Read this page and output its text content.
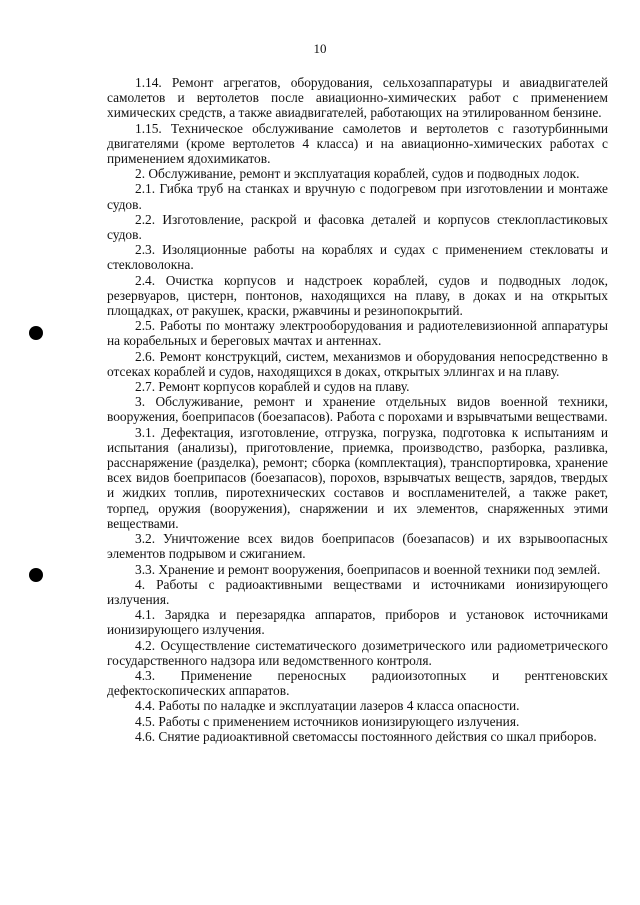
10

1.14. Ремонт агрегатов, оборудования, сельхозаппаратуры и авиадвигателей самолетов и вертолетов после авиационно-химических работ с применением химических средств, а также авиадвигателей, работающих на этилированном бензине.

1.15. Техническое обслуживание самолетов и вертолетов с газотурбинными двигателями (кроме вертолетов 4 класса) и на авиационно-химических работах с применением ядохимикатов.

2. Обслуживание, ремонт и эксплуатация кораблей, судов и подводных лодок.

2.1. Гибка труб на станках и вручную с подогревом при изготовлении и монтаже судов.

2.2. Изготовление, раскрой и фасовка деталей и корпусов стеклопластиковых судов.

2.3. Изоляционные работы на кораблях и судах с применением стекловаты и стекловолокна.

2.4. Очистка корпусов и надстроек кораблей, судов и подводных лодок, резервуаров, цистерн, понтонов, находящихся на плаву, в доках и на открытых площадках, от ракушек, краски, ржавчины и резинопокрытий.

2.5. Работы по монтажу электрооборудования и радиотелевизионной аппаратуры на корабельных и береговых мачтах и антеннах.

2.6. Ремонт конструкций, систем, механизмов и оборудования непосредственно в отсеках кораблей и судов, находящихся в доках, открытых эллингах и на плаву.

2.7. Ремонт корпусов кораблей и судов на плаву.

3. Обслуживание, ремонт и хранение отдельных видов военной техники, вооружения, боеприпасов (боезапасов). Работа с порохами и взрывчатыми веществами.

3.1. Дефектация, изготовление, отгрузка, погрузка, подготовка к испытаниям и испытания (анализы), приготовление, приемка, производство, разборка, разливка, расснаряжение (разделка), ремонт; сборка (комплектация), транспортировка, хранение всех видов боеприпасов (боезапасов), порохов, взрывчатых веществ, зарядов, твердых и жидких топлив, пиротехнических составов и воспламенителей, а также ракет, торпед, оружия (вооружения), снаряжении и их элементов, снаряженных этими веществами.

3.2. Уничтожение всех видов боеприпасов (боезапасов) и их взрывоопасных элементов подрывом и сжиганием.

3.3. Хранение и ремонт вооружения, боеприпасов и военной техники под землей.

4. Работы с радиоактивными веществами и источниками ионизирующего излучения.

4.1. Зарядка и перезарядка аппаратов, приборов и установок источниками ионизирующего излучения.

4.2. Осуществление систематического дозиметрического или радиометрического государственного надзора или ведомственного контроля.

4.3. Применение переносных радиоизотопных и рентгеновских дефектоскопических аппаратов.

4.4. Работы по наладке и эксплуатации лазеров 4 класса опасности.

4.5. Работы с применением источников ионизирующего излучения.

4.6. Снятие радиоактивной светомассы постоянного действия со шкал приборов.
